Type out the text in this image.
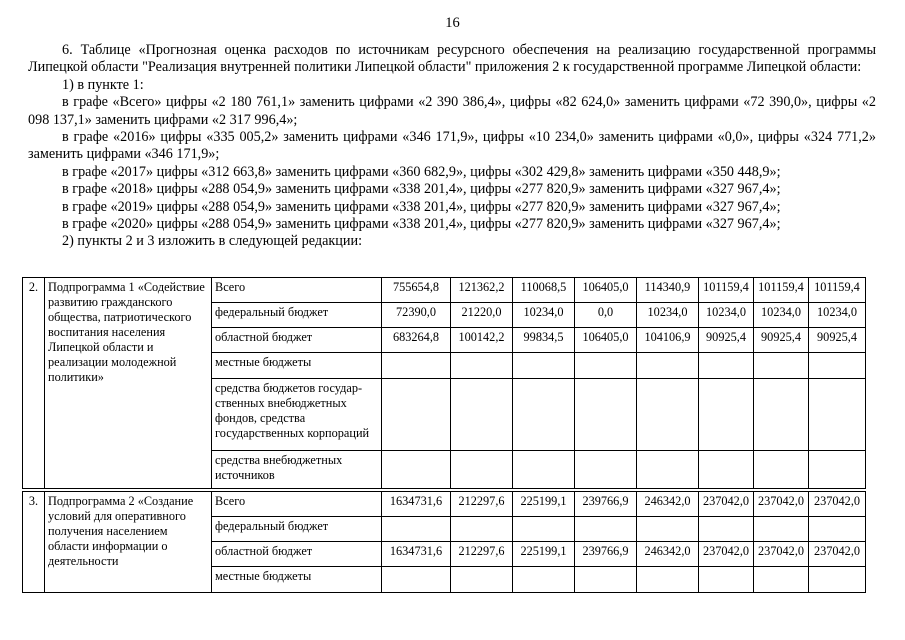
16

6. Таблице «Прогнозная оценка расходов по источникам ресурсного обеспечения на реализацию государственной программы Липецкой области "Реализация внутренней политики Липецкой области" приложения 2 к государственной программе Липецкой области:

1) в пункте 1:

в графе «Всего» цифры «2 180 761,1» заменить цифрами «2 390 386,4», цифры «82 624,0» заменить цифрами «72 390,0», цифры «2 098 137,1» заменить цифрами «2 317 996,4»;

в графе «2016» цифры «335 005,2» заменить цифрами «346 171,9», цифры «10 234,0» заменить цифрами «0,0», цифры «324 771,2» заменить цифрами «346 171,9»;

в графе «2017» цифры «312 663,8» заменить цифрами «360 682,9», цифры «302 429,8» заменить цифрами «350 448,9»;

в графе «2018» цифры «288 054,9» заменить цифрами «338 201,4», цифры «277 820,9» заменить цифрами «327 967,4»;

в графе «2019» цифры «288 054,9» заменить цифрами «338 201,4», цифры «277 820,9» заменить цифрами «327 967,4»;

в графе «2020» цифры «288 054,9» заменить цифрами «338 201,4», цифры «277 820,9» заменить цифрами «327 967,4»;

2) пункты 2 и 3 изложить в следующей редакции:

2.	Подпрограмма 1 «Содействие развитию гражданского общества, патриотического воспитания населения Липецкой области и реализации молодежной политики»	Всего	755654,8	121362,2	110068,5	106405,0	114340,9	101159,4	101159,4	101159,4
		федеральный бюджет	72390,0	21220,0	10234,0	0,0	10234,0	10234,0	10234,0	10234,0
		областной бюджет	683264,8	100142,2	99834,5	106405,0	104106,9	90925,4	90925,4	90925,4
		местные бюджеты								
		средства бюджетов государ-ственных внебюджетных фондов, средства государственных корпораций								
		средства внебюджетных источников								

3.	Подпрограмма 2 «Создание условий для оперативного получения населением области информации о деятельности	Всего	1634731,6	212297,6	225199,1	239766,9	246342,0	237042,0	237042,0	237042,0
		федеральный бюджет								
		областной бюджет	1634731,6	212297,6	225199,1	239766,9	246342,0	237042,0	237042,0	237042,0
		местные бюджеты								
